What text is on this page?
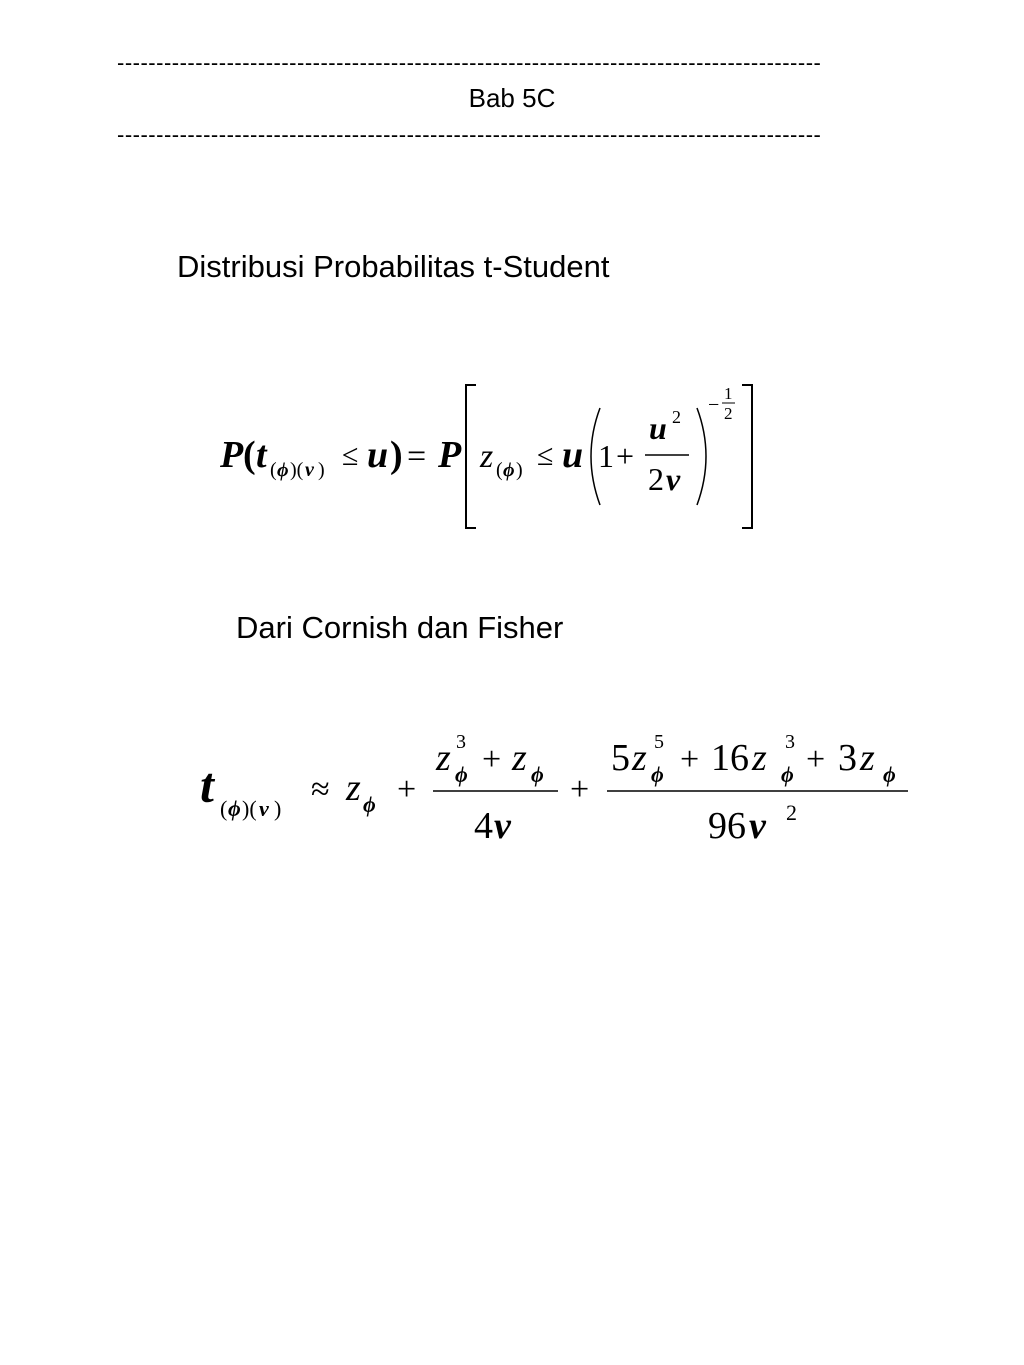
------------------------------------------------------------------------------------------
Bab 5C
------------------------------------------------------------------------------------------
Distribusi Probabilitas t-Student
P ( t ( ϕ )( ν ) ≤ u ) = P z ( ϕ ) ≤ u 1 +
u 2
2 ν
−
1
2
Dari Cornish dan Fisher
t ( ϕ )( ν )
≈ z ϕ +
z 3
ϕ + z ϕ
4 ν
+
5 z 5
ϕ + 16 z 3
ϕ + 3 z ϕ
96 ν 2
